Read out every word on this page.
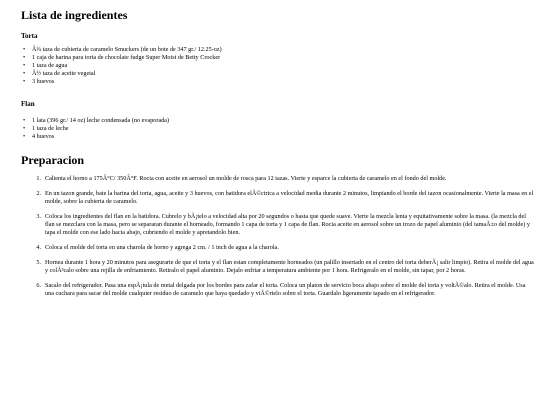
Lista de ingredientes
Torta
• Â¾ taza de cubierta de caramelo Smuckers (de un bote de 347 gr./ 12.25-oz)
• 1 caja de harina para torta de chocolate fudge Super Moist de Betty Crocker
• 1 taza de agua
• Â½ taza de aceite vegetal
• 3 huevos
Flan
• 1 lata (396 gr./ 14 oz) leche condensada (no evaporada)
• 1 taza de leche
• 4 huevos
Preparacion
1. Calienta el horno a 175Â°C/ 350Â°F. Rocia con aceite en aerosol un molde de rosca para 12 tazas. Vierte y esparce la cubierta de caramelo en el fondo del molde.
2. En un tazon grande, bate la harina del torta, agua, aceite y 3 huevos, con batidora elÃ©ctrica a velocidad media durante 2 minutos, limpiando el borde del tazon ocasionalmente. Vierte la masa en el molde, sobre la cubierta de caramelo.
3. Coloca los ingredientes del flan en la batidora. Cubrelo y bÃ¡telo a velocidad alta por 20 segundos o hasta que quede suave. Vierte la mezcla lenta y equitativamente sobre la masa. (la mezcla del flan se mezclara con la masa, pero se separaran durante el horneado, formando 1 capa de torta y 1 capa de flan. Rocia aceite en aerosol sobre un trozo de papel aluminio (del tamaÃ±o del molde) y tapa el molde con ese lado hacia abajo, cubriendo el molde y apretandolo bien.
4. Coloca el molde del torta en una charola de horno y agrega 2 cm. / 1 inch de agua a la charola.
5. Hornea durante 1 hora y 20 minutos para asegurarte de que el torta y el flan estan completamente horneados (un palillo insertado en el centro del torta deberÃ¡ salir limpio). Retira el molde del agua y colÃ³calo sobre una rejilla de enfriamiento. Retiralo el papel aluminio. Dejalo enfriar a temperatura ambiente por 1 hora. Refrigeralo en el molde, sin tapar, por 2 horas.
6. Sacalo del refrigerador. Pasa una espÃ¡tula de metal delgada por los bordes para zafar el torta. Coloca un platon de servicio boca abajo sobre el molde del torta y voltÃ©alo. Retira el molde. Usa una cuchara para sacar del molde cualquier residuo de caramelo que haya quedado y viÃ©rtelo sobre el torta. Guardalo ligeramente tapado en el refrigerador.
